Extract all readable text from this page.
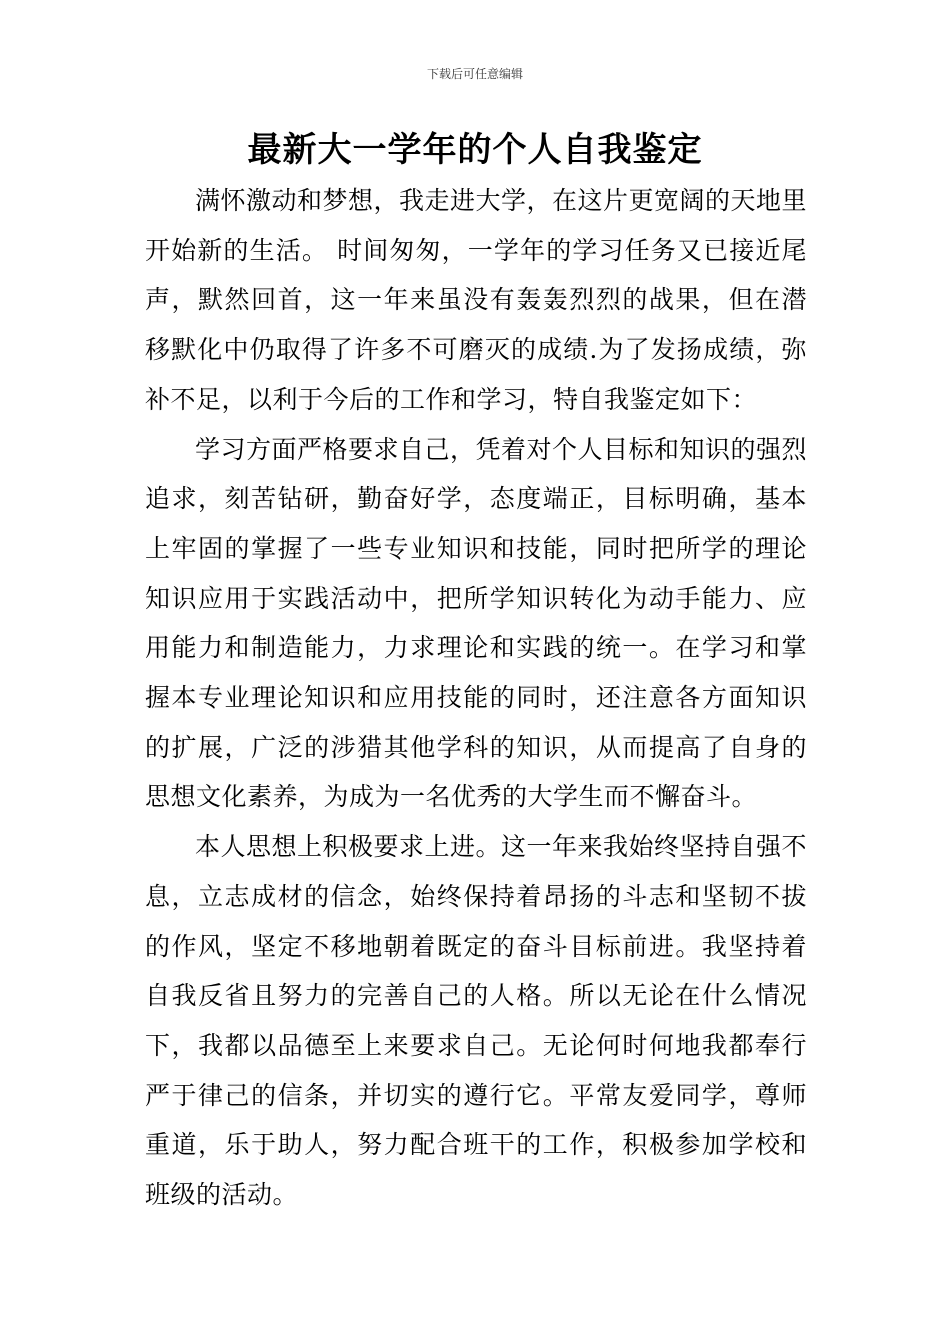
下载后可任意编辑
最新大一学年的个人自我鉴定

满怀激动和梦想，我走进大学，在这片更宽阔的天地里开始新的生活。 时间匆匆，一学年的学习任务又已接近尾声，默然回首，这一年来虽没有轰轰烈烈的战果，但在潜移默化中仍取得了许多不可磨灭的成绩.为了发扬成绩，弥补不足，以利于今后的工作和学习，特自我鉴定如下：

学习方面严格要求自己，凭着对个人目标和知识的强烈追求，刻苦钻研，勤奋好学，态度端正，目标明确，基本上牢固的掌握了一些专业知识和技能，同时把所学的理论知识应用于实践活动中，把所学知识转化为动手能力、应用能力和制造能力，力求理论和实践的统一。在学习和掌握本专业理论知识和应用技能的同时，还注意各方面知识的扩展，广泛的涉猎其他学科的知识，从而提高了自身的思想文化素养，为成为一名优秀的大学生而不懈奋斗。

本人思想上积极要求上进。这一年来我始终坚持自强不息，立志成材的信念，始终保持着昂扬的斗志和坚韧不拔的作风，坚定不移地朝着既定的奋斗目标前进。我坚持着自我反省且努力的完善自己的人格。所以无论在什么情况下，我都以品德至上来要求自己。无论何时何地我都奉行严于律己的信条，并切实的遵行它。平常友爱同学，尊师重道，乐于助人，努力配合班干的工作，积极参加学校和班级的活动。
